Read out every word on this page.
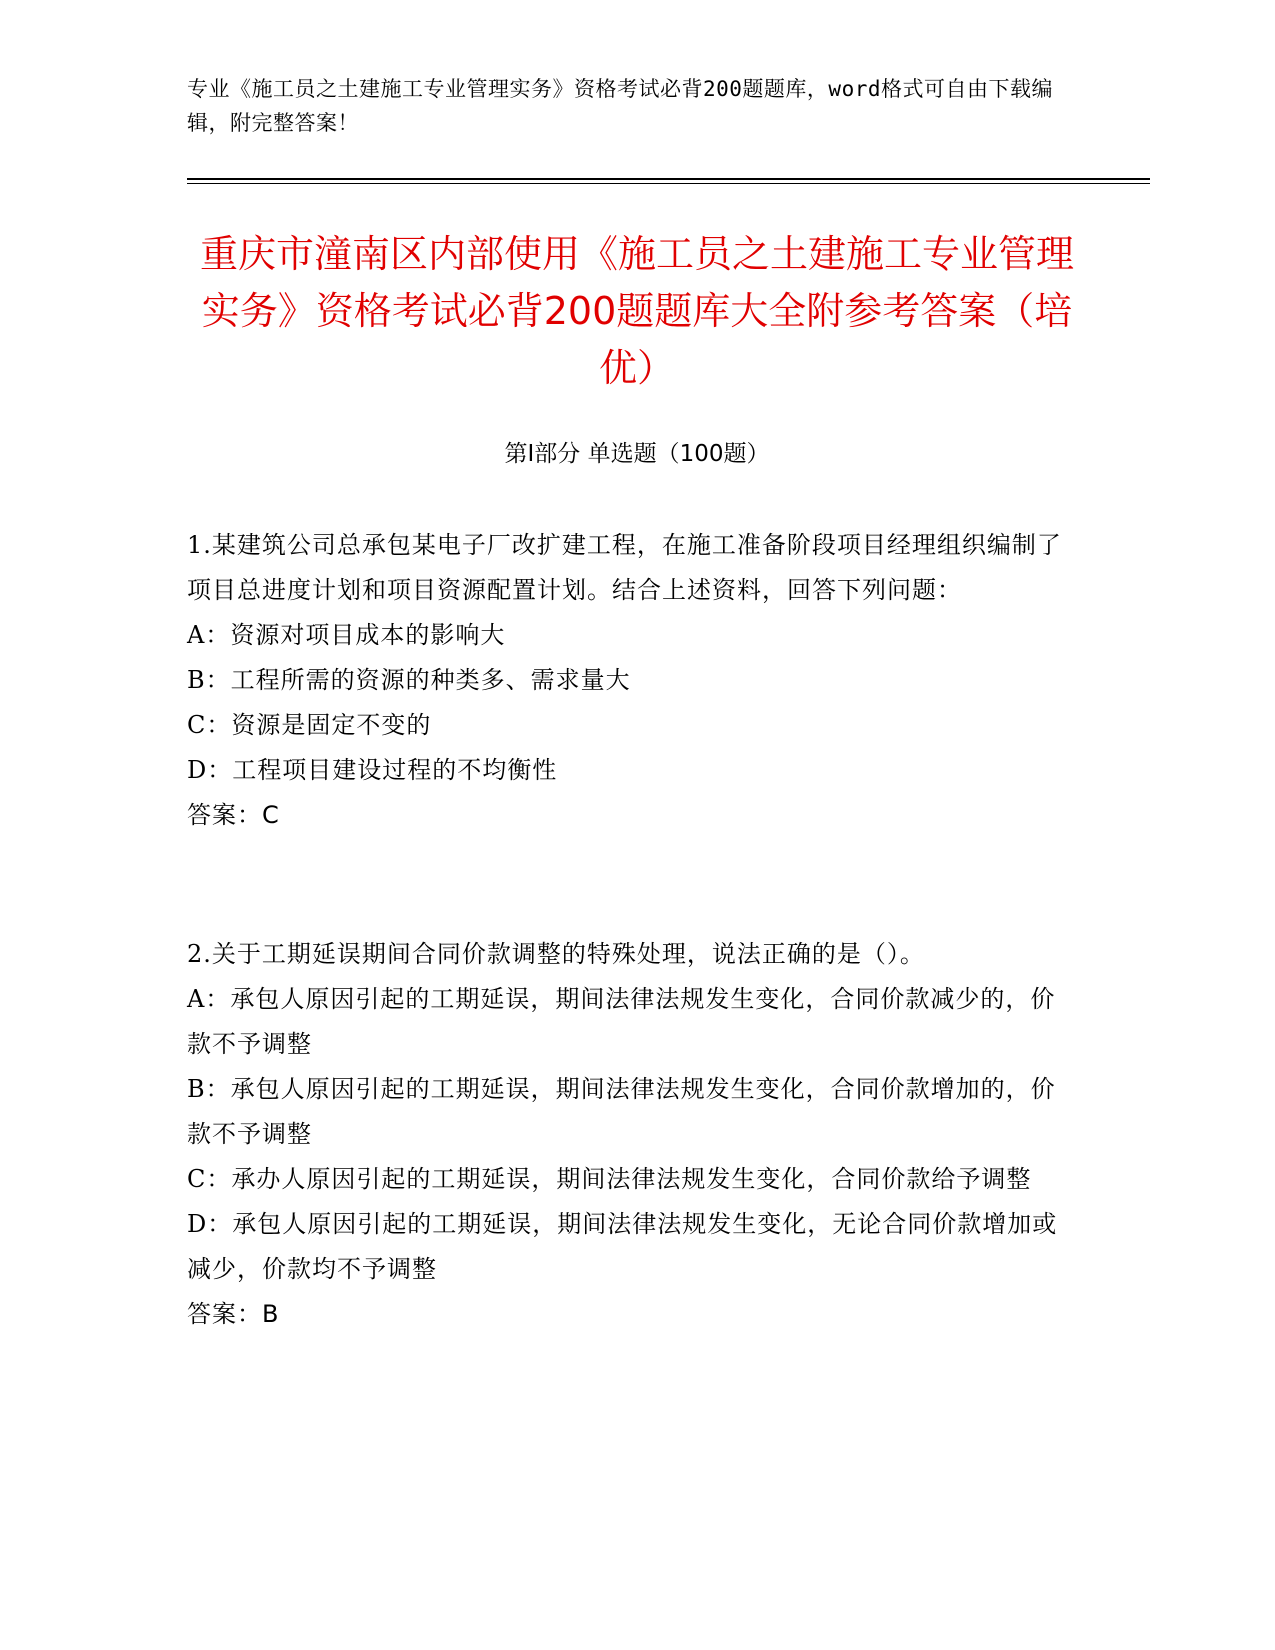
专业《施工员之土建施工专业管理实务》资格考试必背200题题库，word格式可自由下载编辑，附完整答案！
重庆市潼南区内部使用《施工员之土建施工专业管理实务》资格考试必背200题题库大全附参考答案（培优）
第Ⅰ部分 单选题（100题）

1.某建筑公司总承包某电子厂改扩建工程，在施工准备阶段项目经理组织编制了项目总进度计划和项目资源配置计划。结合上述资料，回答下列问题：

A：资源对项目成本的影响大

B：工程所需的资源的种类多、需求量大

C：资源是固定不变的

D：工程项目建设过程的不均衡性

答案：C

2.关于工期延误期间合同价款调整的特殊处理，说法正确的是（）。

A：承包人原因引起的工期延误，期间法律法规发生变化，合同价款减少的，价款不予调整

B：承包人原因引起的工期延误，期间法律法规发生变化，合同价款增加的，价款不予调整

C：承办人原因引起的工期延误，期间法律法规发生变化，合同价款给予调整

D：承包人原因引起的工期延误，期间法律法规发生变化，无论合同价款增加或减少，价款均不予调整

答案：B
